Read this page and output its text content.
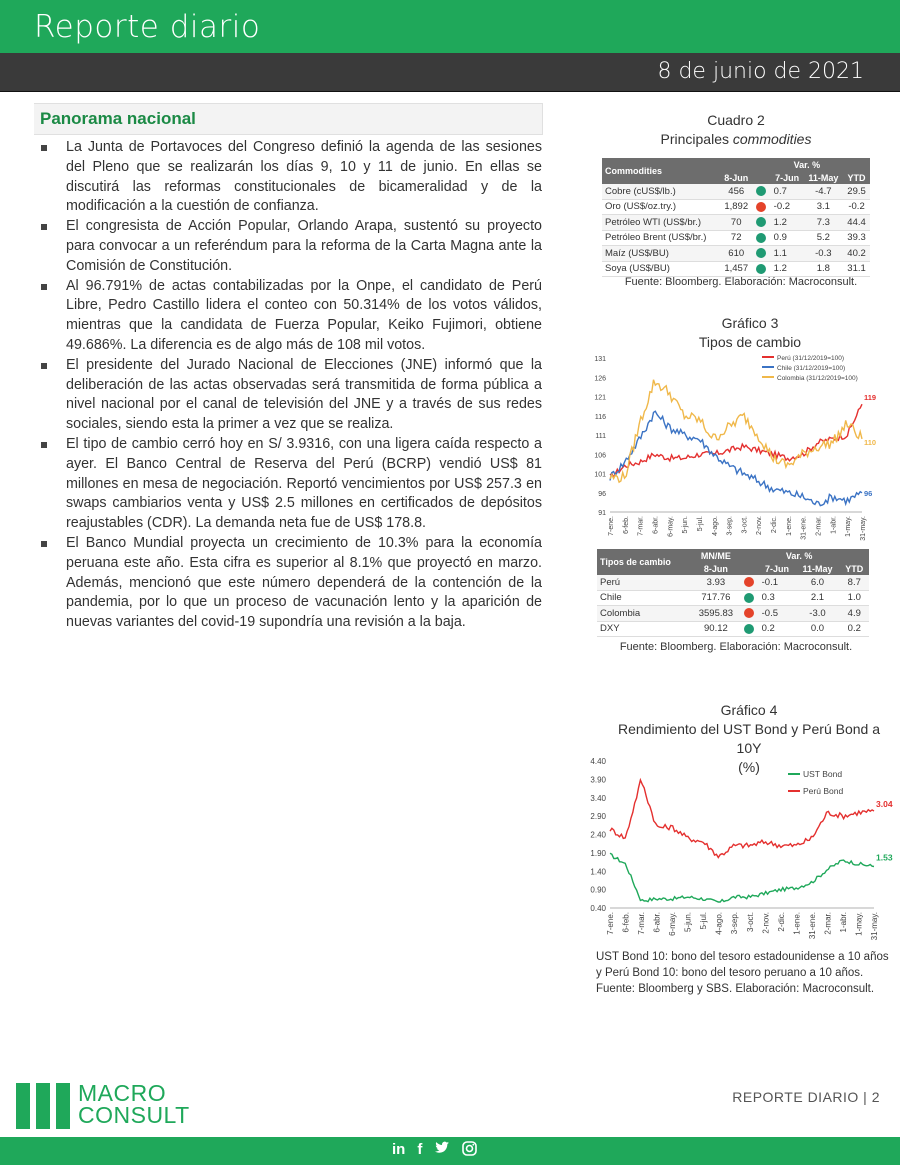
Reporte diario
8 de junio de 2021
Panorama nacional
La Junta de Portavoces del Congreso definió la agenda de las sesiones del Pleno que se realizarán los días 9, 10 y 11 de junio. En ellas se discutirá las reformas constitucionales de bicameralidad y de la modificación a la cuestión de confianza.
El congresista de Acción Popular, Orlando Arapa, sustentó su proyecto para convocar a un referéndum para la reforma de la Carta Magna ante la Comisión de Constitución.
Al 96.791% de actas contabilizadas por la Onpe, el candidato de Perú Libre, Pedro Castillo lidera el conteo con 50.314% de los votos válidos, mientras que la candidata de Fuerza Popular, Keiko Fujimori, obtiene 49.686%. La diferencia es de algo más de 108 mil votos.
El presidente del Jurado Nacional de Elecciones (JNE) informó que la deliberación de las actas observadas será transmitida de forma pública a nivel nacional por el canal de televisión del JNE y a través de sus redes sociales, siendo esta la primer a vez que se realiza.
El tipo de cambio cerró hoy en S/ 3.9316, con una ligera caída respecto a ayer. El Banco Central de Reserva del Perú (BCRP) vendió US$ 81 millones en mesa de negociación. Reportó vencimientos por US$ 257.3 en swaps cambiarios venta y US$ 2.5 millones en certificados de depósitos reajustables (CDR). La demanda neta fue de US$ 178.8.
El Banco Mundial proyecta un crecimiento de 10.3% para la economía peruana este año. Esta cifra es superior al 8.1% que proyectó en marzo. Además, mencionó que este número dependerá de la contención de la pandemia, por lo que un proceso de vacunación lento y la aparición de nuevas variantes del covid-19 supondría una revisión a la baja.
Cuadro 2
Principales commodities
Commodities			Var. %		
	8-Jun		7-Jun	11-May	YTD
Cobre (cUS$/lb.)	456		0.7	-4.7	29.5
Oro (US$/oz.try.)	1,892		-0.2	3.1	-0.2
Petróleo WTI (US$/br.)	70		1.2	7.3	44.4
Petróleo Brent (US$/br.)	72		0.9	5.2	39.3
Maíz (US$/BU)	610		1.1	-0.3	40.2
Soya (US$/BU)	1,457		1.2	1.8	31.1
Fuente: Bloomberg. Elaboración: Macroconsult.
Gráfico 3
Tipos de cambio
91
96
101
106
111
116
121
126
131
7-ene. 6-feb. 7-mar. 6-abr. 6-may. 5-jun. 5-jul. 4-ago. 3-sep. 3-oct. 2-nov. 2-dic. 1-ene. 31-ene. 2-mar. 1-abr. 1-may. 31-may.
119
96
110
Perú (31/12/2019=100)
Chile (31/12/2019=100)
Colombia (31/12/2019=100)
Tipos de cambio	MN/ME		Var. %		
	8-Jun		7-Jun	11-May	YTD
Perú	3.93		-0.1	6.0	8.7
Chile	717.76		0.3	2.1	1.0
Colombia	3595.83		-0.5	-3.0	4.9
DXY	90.12		0.2	0.0	0.2
Fuente: Bloomberg. Elaboración: Macroconsult.
Gráfico 4
Rendimiento del UST Bond y Perú Bond a
10Y
(%)
0.40
0.90
1.40
1.90
2.40
2.90
3.40
3.90
4.40
7-ene. 6-feb. 7-mar. 6-abr. 6-may. 5-jun. 5-jul. 4-ago. 3-sep. 3-oct. 2-nov. 2-dic. 1-ene. 31-ene. 2-mar. 1-abr. 1-may. 31-may.
1.53
3.04
UST Bond
Perú Bond
UST Bond 10: bono del tesoro estadounidense a 10 años
y Perú Bond 10: bono del tesoro peruano a 10 años.
Fuente: Bloomberg y SBS. Elaboración: Macroconsult.
MACRO
CONSULT
REPORTE DIARIO | 2
in f
